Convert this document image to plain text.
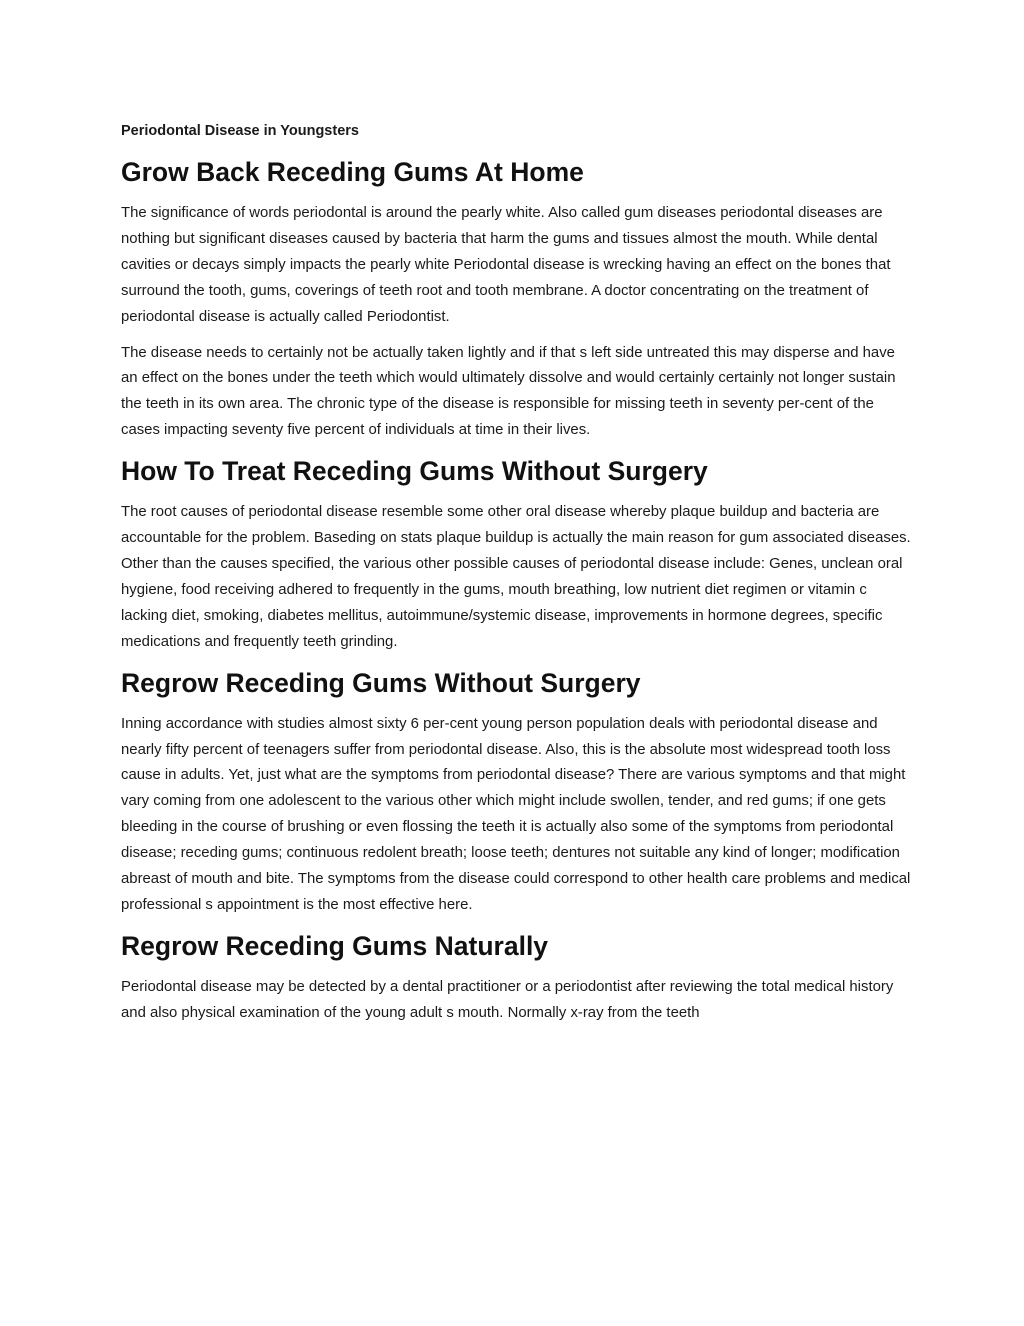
Periodontal Disease in Youngsters
Grow Back Receding Gums At Home

The significance of words periodontal is around the pearly white. Also called gum diseases periodontal diseases are nothing but significant diseases caused by bacteria that harm the gums and tissues almost the mouth. While dental cavities or decays simply impacts the pearly white Periodontal disease is wrecking having an effect on the bones that surround the tooth, gums, coverings of teeth root and tooth membrane. A doctor concentrating on the treatment of periodontal disease is actually called Periodontist.

The disease needs to certainly not be actually taken lightly and if that s left side untreated this may disperse and have an effect on the bones under the teeth which would ultimately dissolve and would certainly certainly not longer sustain the teeth in its own area. The chronic type of the disease is responsible for missing teeth in seventy per-cent of the cases impacting seventy five percent of individuals at time in their lives.

How To Treat Receding Gums Without Surgery

The root causes of periodontal disease resemble some other oral disease whereby plaque buildup and bacteria are accountable for the problem. Baseding on stats plaque buildup is actually the main reason for gum associated diseases. Other than the causes specified, the various other possible causes of periodontal disease include: Genes, unclean oral hygiene, food receiving adhered to frequently in the gums, mouth breathing, low nutrient diet regimen or vitamin c lacking diet, smoking, diabetes mellitus, autoimmune/systemic disease, improvements in hormone degrees, specific medications and frequently teeth grinding.

Regrow Receding Gums Without Surgery

Inning accordance with studies almost sixty 6 per-cent young person population deals with periodontal disease and nearly fifty percent of teenagers suffer from periodontal disease. Also, this is the absolute most widespread tooth loss cause in adults. Yet, just what are the symptoms from periodontal disease? There are various symptoms and that might vary coming from one adolescent to the various other which might include swollen, tender, and red gums; if one gets bleeding in the course of brushing or even flossing the teeth it is actually also some of the symptoms from periodontal disease; receding gums; continuous redolent breath; loose teeth; dentures not suitable any kind of longer; modification abreast of mouth and bite. The symptoms from the disease could correspond to other health care problems and medical professional s appointment is the most effective here.

Regrow Receding Gums Naturally

Periodontal disease may be detected by a dental practitioner or a periodontist after reviewing the total medical history and also physical examination of the young adult s mouth. Normally x-ray from the teeth
